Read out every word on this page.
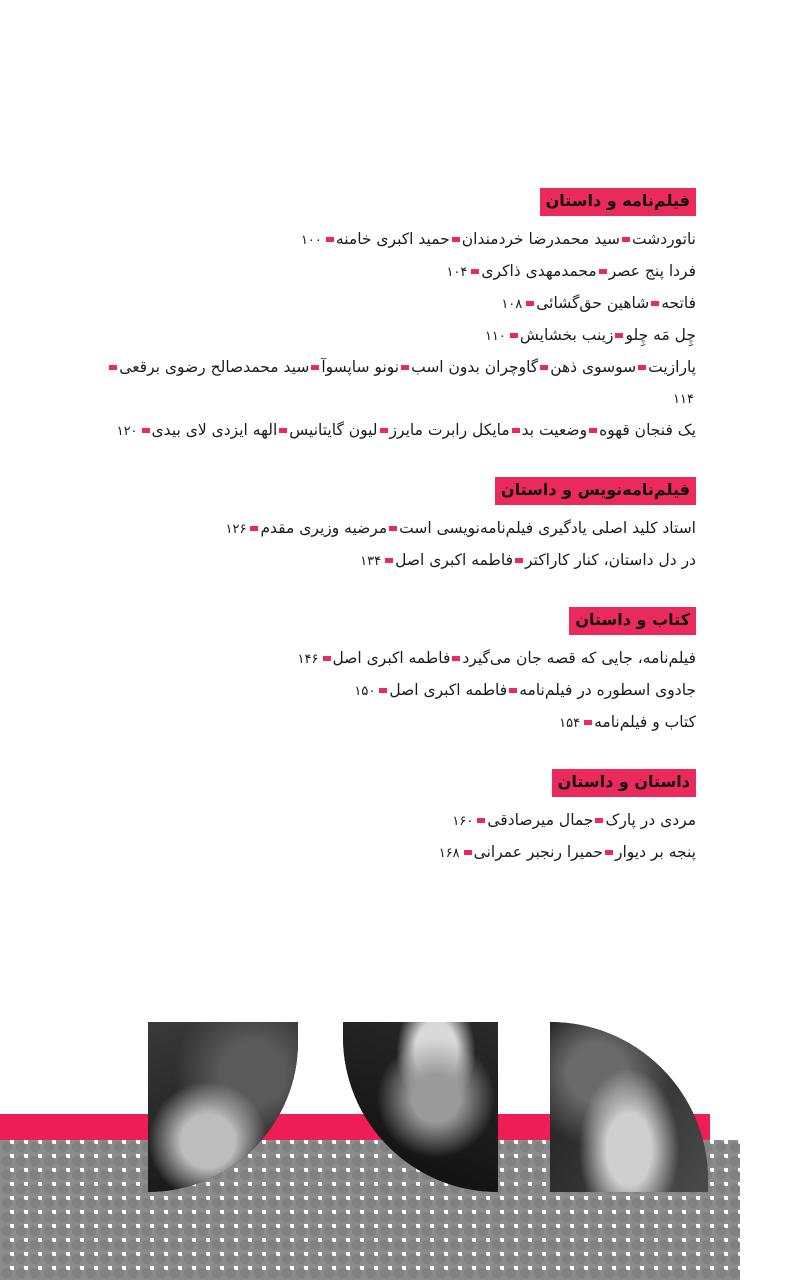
فیلم‌نامه و داستان

ناتوردشتسید محمدرضا خردمندانحمید اکبری خامنه۱۰۰

فردا پنج عصرمحمدمهدی ذاکری۱۰۴

فاتحهشاهین حق‌گشائی۱۰۸

چِل مَه چِلوزینب بخشایش۱۱۰

پارازیتسوسوی ذهنگاوچران بدون اسبنونو ساپسوآسید محمدصالح رضوی برقعی۱۱۴

یک فنجان قهوهوضعیت بدمایکل رابرت مایرزلیون گایتانیسالهه ایزدی لای بیدی۱۲۰

فیلم‌نامه‌نویس و داستان

استاد کلید اصلی یادگیری فیلم‌نامه‌نویسی استمرضیه وزیری مقدم۱۲۶

در دل داستان، کنار کاراکترفاطمه اکبری اصل۱۳۴

کتاب و داستان

فیلم‌نامه، جایی که قصه جان می‌گیردفاطمه اکبری اصل۱۴۶

جادوی اسطوره در فیلم‌نامهفاطمه اکبری اصل۱۵۰

کتاب و فیلم‌نامه۱۵۴

داستان و داستان

مردی در پارکجمال میرصادقی۱۶۰

پنجه بر دیوارحمیرا رنجبر عمرانی۱۶۸
